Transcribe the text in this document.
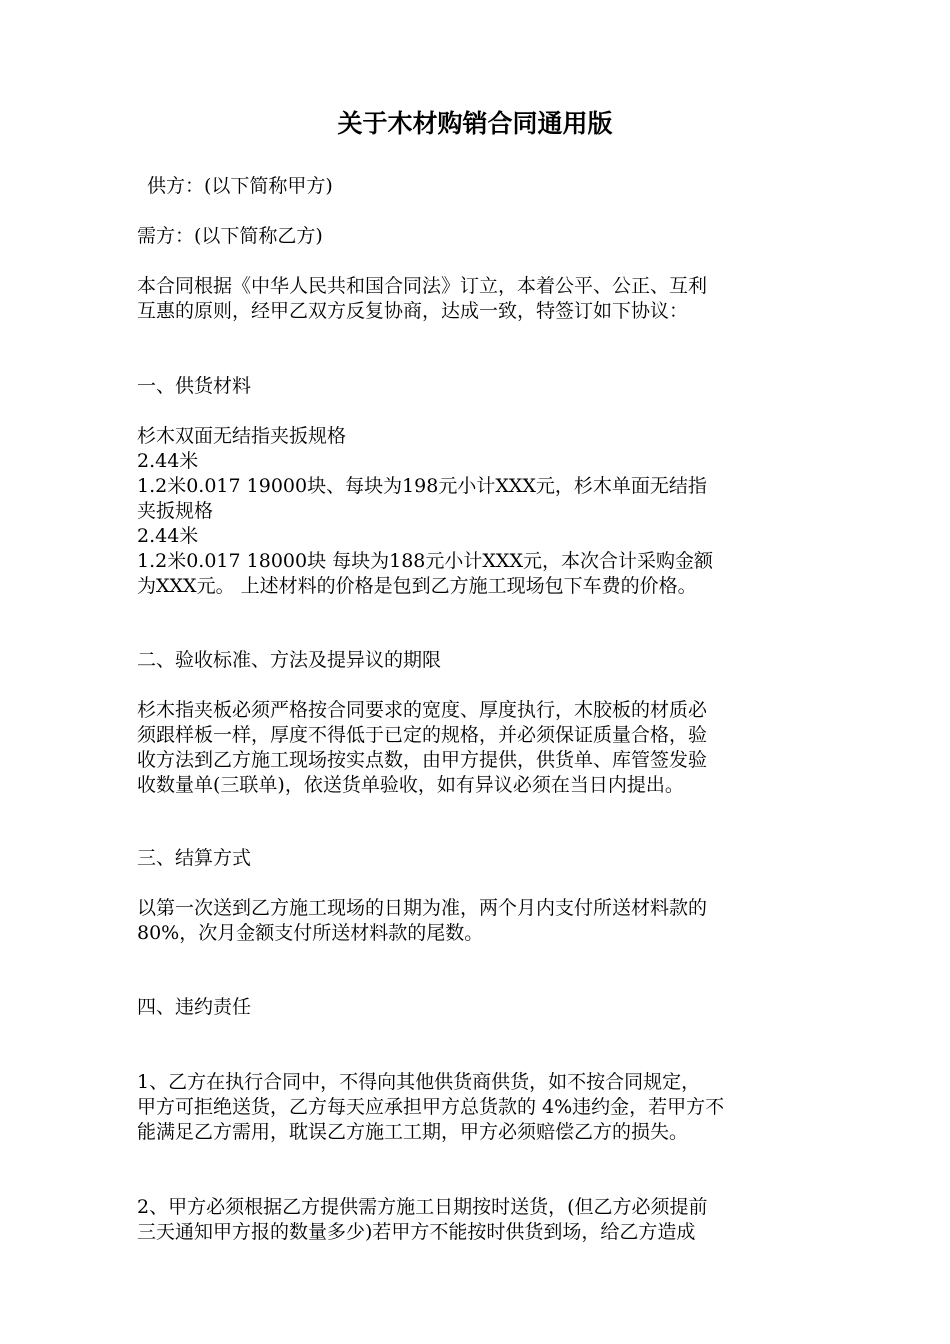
关于木材购销合同通用版

供方：(以下简称甲方)

需方：(以下简称乙方)

本合同根据《中华人民共和国合同法》订立，本着公平、公正、互利
互惠的原则，经甲乙双方反复协商，达成一致，特签订如下协议：

一、供货材料

杉木双面无结指夹扳规格
2.44米
1.2米0.017 19000块、每块为198元小计XXX元，杉木单面无结指
夹扳规格
2.44米
1.2米0.017 18000块 每块为188元小计XXX元，本次合计采购金额
为XXX元。 上述材料的价格是包到乙方施工现场包下车费的价格。

二、验收标准、方法及提异议的期限

杉木指夹板必须严格按合同要求的宽度、厚度执行，木胶板的材质必
须跟样板一样，厚度不得低于已定的规格，并必须保证质量合格，验
收方法到乙方施工现场按实点数，由甲方提供，供货单、库管签发验
收数量单(三联单)，依送货单验收，如有异议必须在当日内提出。

三、结算方式

以第一次送到乙方施工现场的日期为准，两个月内支付所送材料款的
80%，次月金额支付所送材料款的尾数。

四、违约责任

1、乙方在执行合同中，不得向其他供货商供货，如不按合同规定，
甲方可拒绝送货，乙方每天应承担甲方总货款的 4%违约金，若甲方不
能满足乙方需用，耽误乙方施工工期，甲方必须赔偿乙方的损失。
2、甲方必须根据乙方提供需方施工日期按时送货，(但乙方必须提前
三天通知甲方报的数量多少)若甲方不能按时供货到场，给乙方造成
